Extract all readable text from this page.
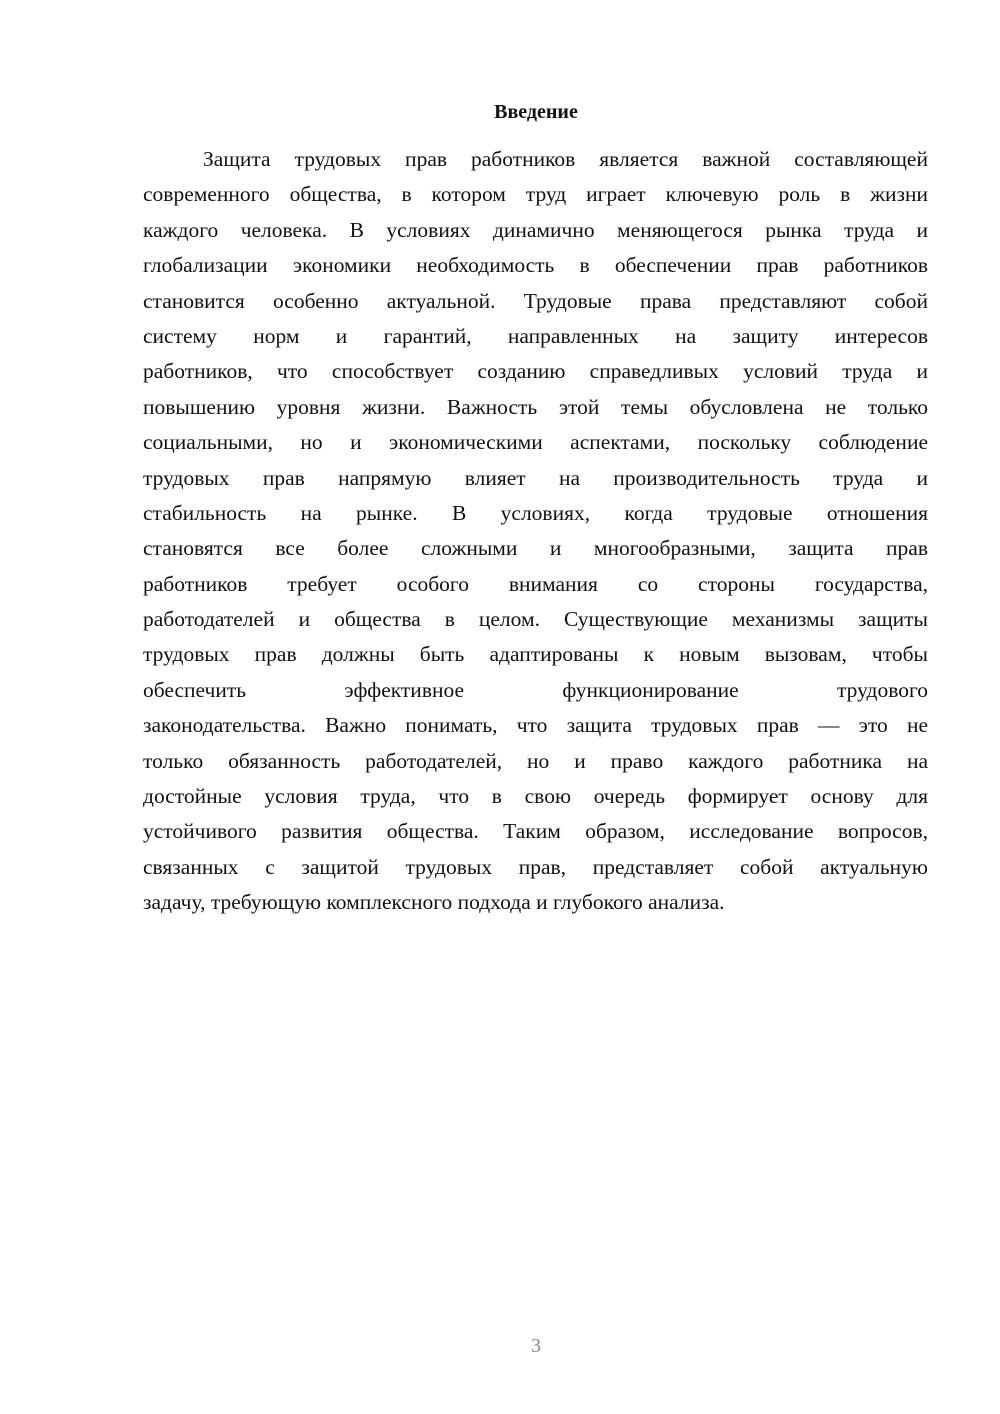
Введение
Защита трудовых прав работников является важной составляющей
современного общества, в котором труд играет ключевую роль в жизни
каждого человека. В условиях динамично меняющегося рынка труда и
глобализации экономики необходимость в обеспечении прав работников
становится особенно актуальной. Трудовые права представляют собой
систему норм и гарантий, направленных на защиту интересов
работников, что способствует созданию справедливых условий труда и
повышению уровня жизни. Важность этой темы обусловлена не только
социальными, но и экономическими аспектами, поскольку соблюдение
трудовых прав напрямую влияет на производительность труда и
стабильность на рынке. В условиях, когда трудовые отношения
становятся все более сложными и многообразными, защита прав
работников требует особого внимания со стороны государства,
работодателей и общества в целом. Существующие механизмы защиты
трудовых прав должны быть адаптированы к новым вызовам, чтобы
обеспечить эффективное функционирование трудового
законодательства. Важно понимать, что защита трудовых прав — это не
только обязанность работодателей, но и право каждого работника на
достойные условия труда, что в свою очередь формирует основу для
устойчивого развития общества. Таким образом, исследование вопросов,
связанных с защитой трудовых прав, представляет собой актуальную
задачу, требующую комплексного подхода и глубокого анализа.
3
